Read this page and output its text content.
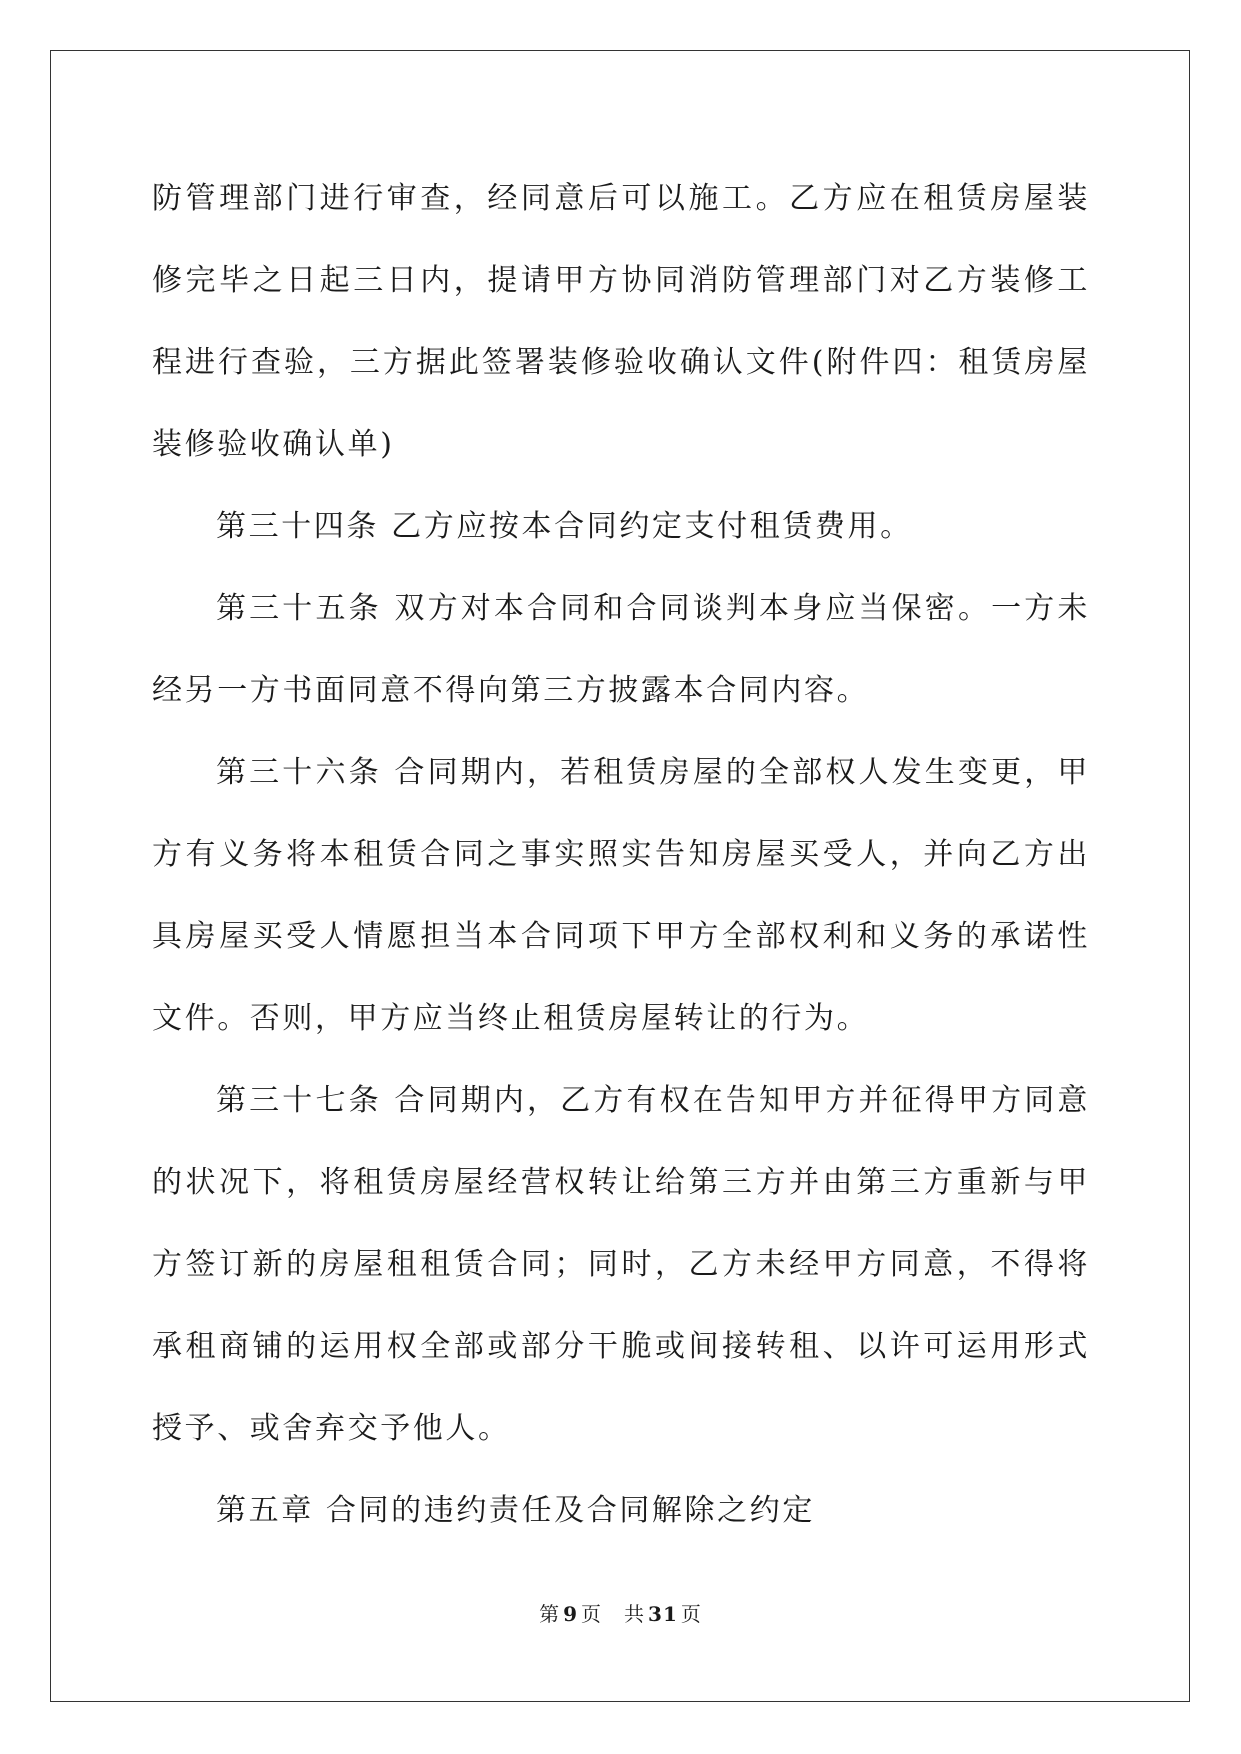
防管理部门进行审查，经同意后可以施工。乙方应在租赁房屋装修完毕之日起三日内，提请甲方协同消防管理部门对乙方装修工程进行查验，三方据此签署装修验收确认文件(附件四：租赁房屋装修验收确认单)

第三十四条 乙方应按本合同约定支付租赁费用。

第三十五条 双方对本合同和合同谈判本身应当保密。一方未经另一方书面同意不得向第三方披露本合同内容。

第三十六条 合同期内，若租赁房屋的全部权人发生变更，甲方有义务将本租赁合同之事实照实告知房屋买受人，并向乙方出具房屋买受人情愿担当本合同项下甲方全部权利和义务的承诺性文件。否则，甲方应当终止租赁房屋转让的行为。

第三十七条 合同期内，乙方有权在告知甲方并征得甲方同意的状况下，将租赁房屋经营权转让给第三方并由第三方重新与甲方签订新的房屋租租赁合同；同时，乙方未经甲方同意，不得将承租商铺的运用权全部或部分干脆或间接转租、以许可运用形式授予、或舍弃交予他人。

第五章 合同的违约责任及合同解除之约定

第 9 页 共 31 页
